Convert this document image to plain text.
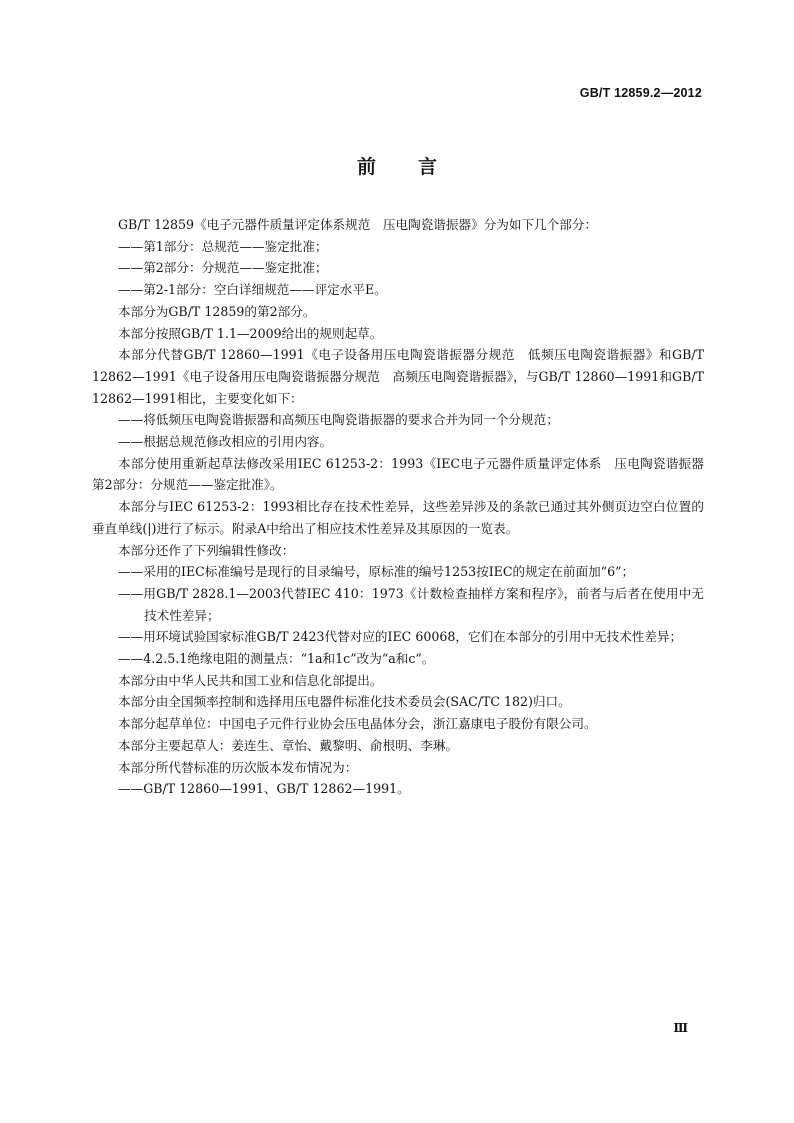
GB/T 12859.2—2012
前言

GB/T 12859《电子元器件质量评定体系规范　压电陶瓷谐振器》分为如下几个部分：

——第1部分：总规范——鉴定批准；

——第2部分：分规范——鉴定批准；

——第2-1部分：空白详细规范——评定水平E。

本部分为GB/T 12859的第2部分。

本部分按照GB/T 1.1—2009给出的规则起草。

本部分代替GB/T 12860—1991《电子设备用压电陶瓷谐振器分规范　低频压电陶瓷谐振器》和GB/T 12862—1991《电子设备用压电陶瓷谐振器分规范　高频压电陶瓷谐振器》，与GB/T 12860—1991和GB/T 12862—1991相比，主要变化如下：

——将低频压电陶瓷谐振器和高频压电陶瓷谐振器的要求合并为同一个分规范；

——根据总规范修改相应的引用内容。

本部分使用重新起草法修改采用IEC 61253-2：1993《IEC电子元器件质量评定体系　压电陶瓷谐振器　第2部分：分规范——鉴定批准》。

本部分与IEC 61253-2：1993相比存在技术性差异，这些差异涉及的条款已通过其外侧页边空白位置的垂直单线(|)进行了标示。附录A中给出了相应技术性差异及其原因的一览表。

本部分还作了下列编辑性修改：

——采用的IEC标准编号是现行的目录编号，原标准的编号1253按IEC的规定在前面加“6”；

——用GB/T 2828.1—2003代替IEC 410：1973《计数检查抽样方案和程序》，前者与后者在使用中无技术性差异；

——用环境试验国家标准GB/T 2423代替对应的IEC 60068，它们在本部分的引用中无技术性差异；

——4.2.5.1绝缘电阻的测量点：“1a和1c”改为“a和c”。

本部分由中华人民共和国工业和信息化部提出。

本部分由全国频率控制和选择用压电器件标准化技术委员会(SAC/TC 182)归口。

本部分起草单位：中国电子元件行业协会压电晶体分会，浙江嘉康电子股份有限公司。

本部分主要起草人：姜连生、章怡、戴黎明、俞根明、李琳。

本部分所代替标准的历次版本发布情况为：

——GB/T 12860—1991、GB/T 12862—1991。

Ⅲ
